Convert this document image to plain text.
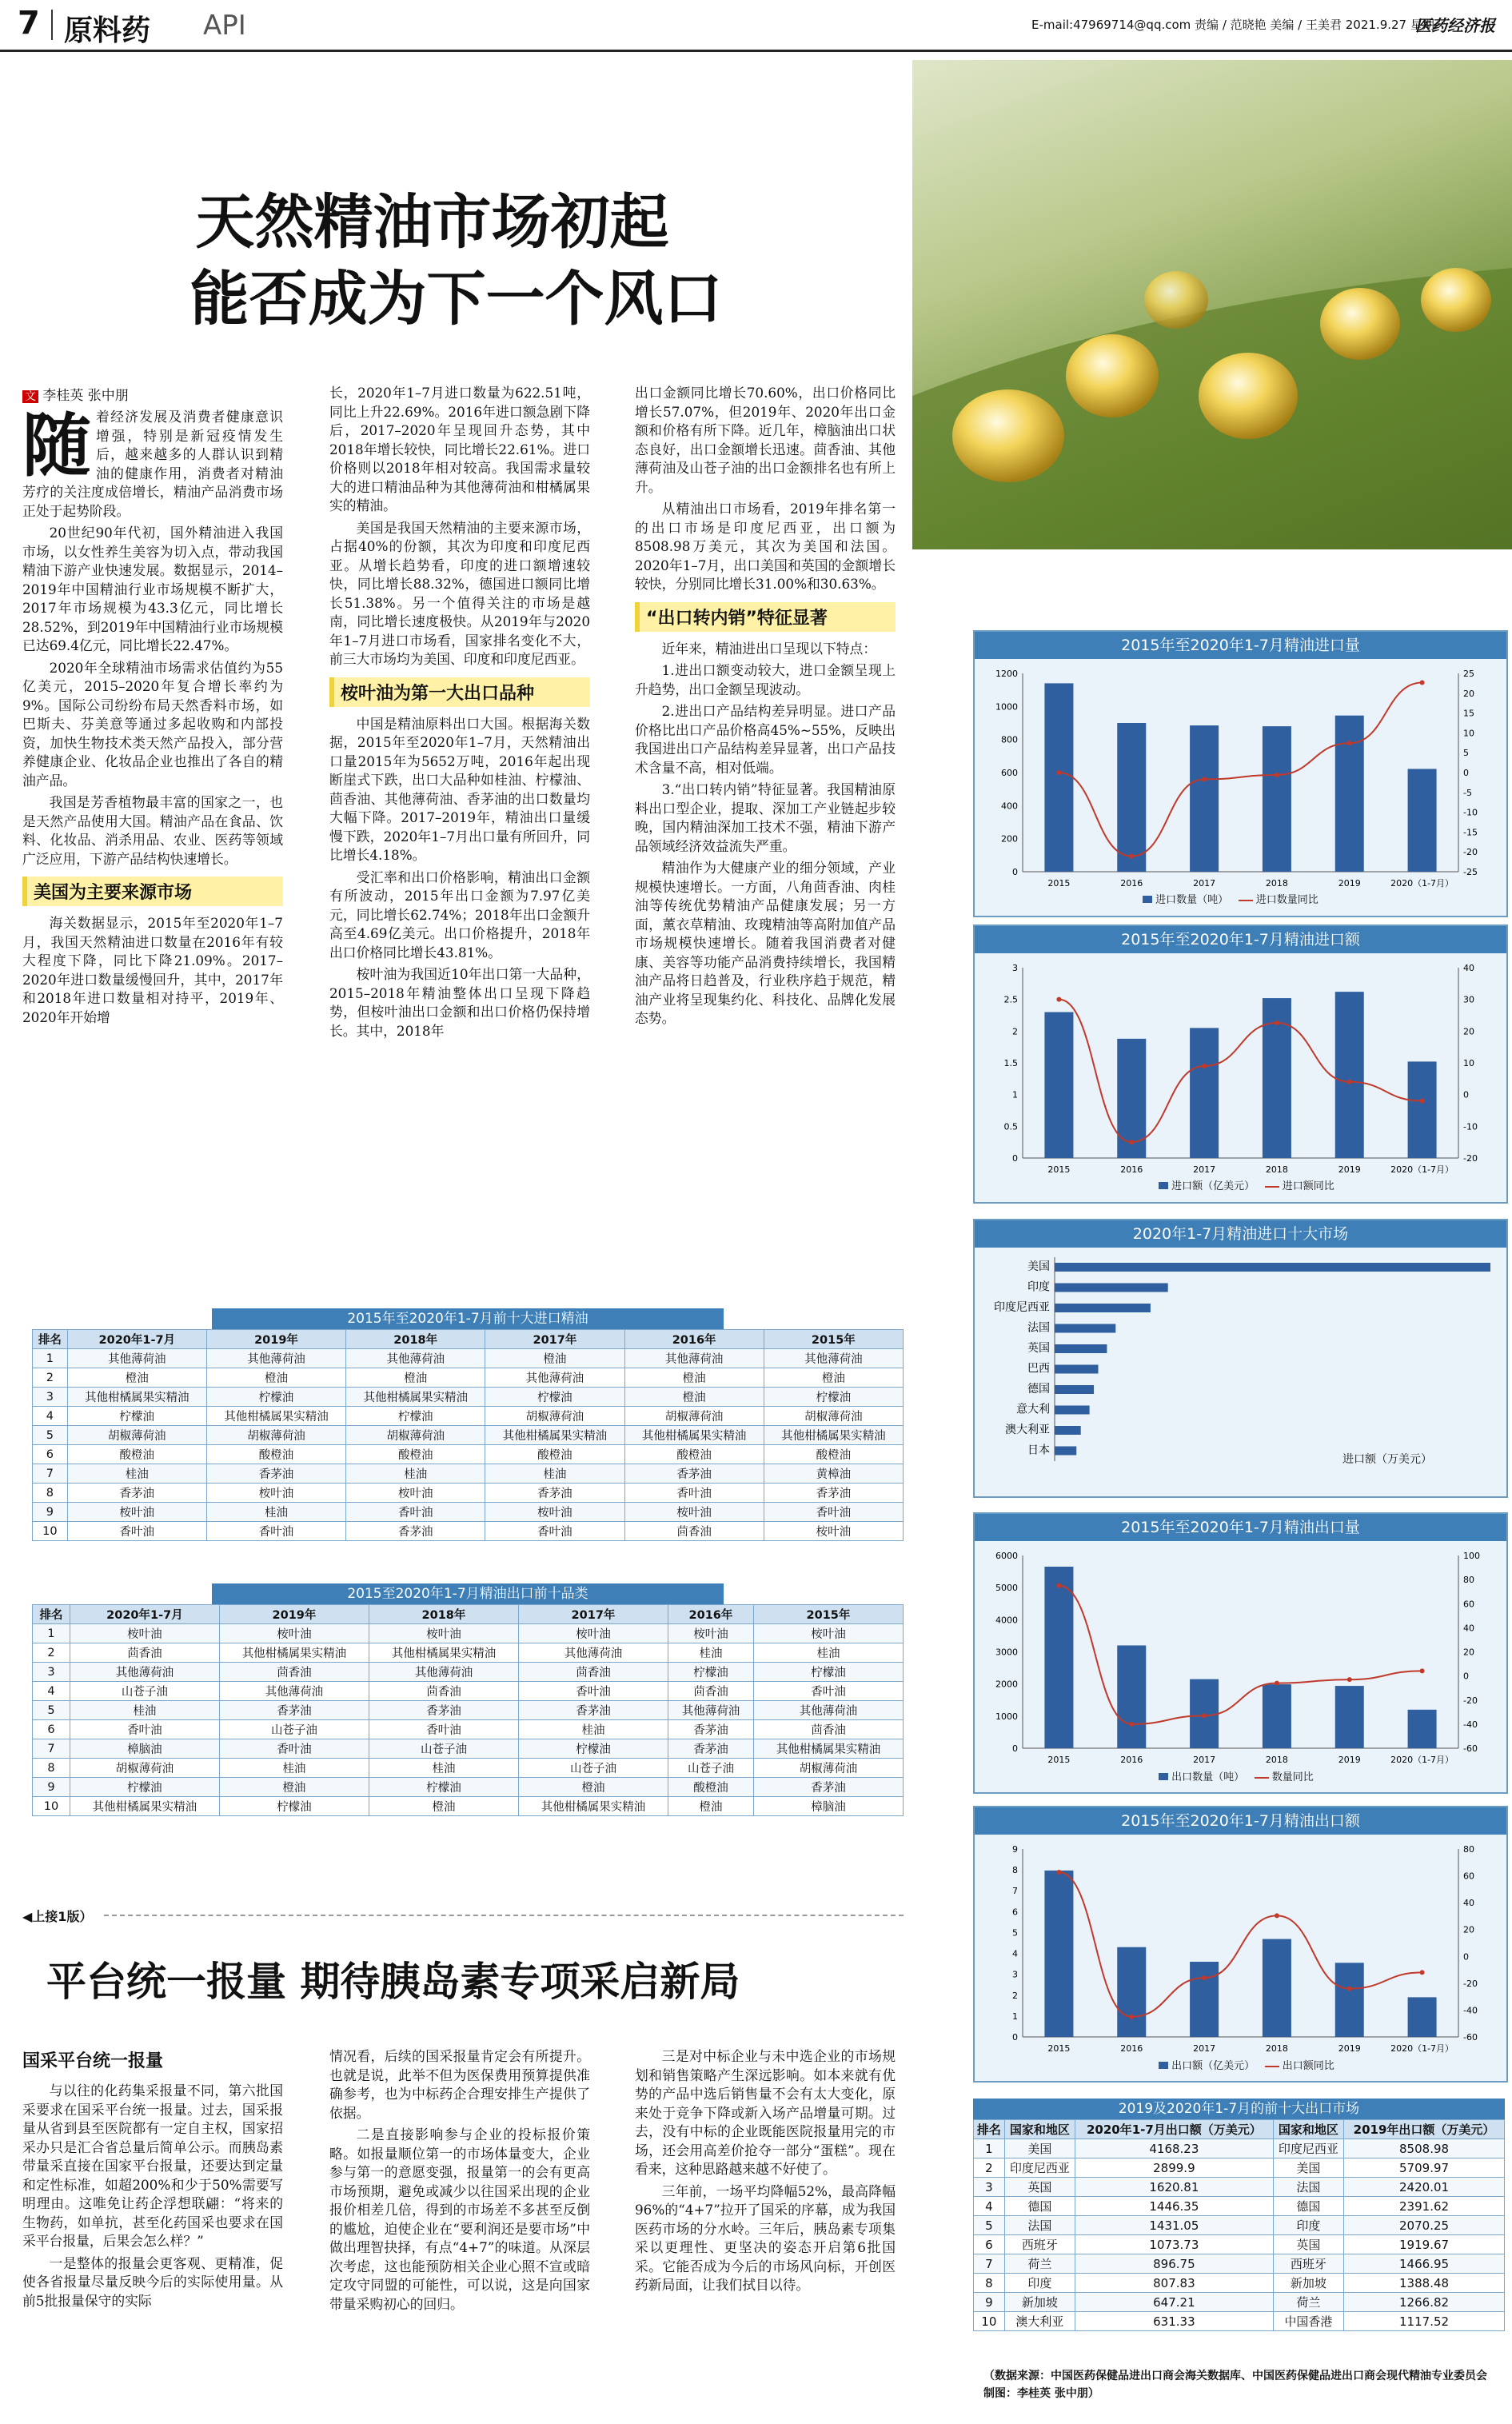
7 原料药 API	E-mail:47969714@qq.com 责编 / 范晓艳 美编 / 王美君 2021.9.27 星期一
医药经济报
天然精油市场初起
能否成为下一个风口
文 李桂英 张中朋
随 着经济发展及消费者健康意识增强，特别是新冠疫情发生后，越来越多的人群认识到精油的健康作用，消费者对精油芳疗的关注度成倍增长，精油产品消费市场正处于起势阶段。

20世纪90年代初，国外精油进入我国市场，以女性养生美容为切入点，带动我国精油下游产业快速发展。数据显示，2014–2019年中国精油行业市场规模不断扩大，2017年市场规模为43.3亿元，同比增长28.52%，到2019年中国精油行业市场规模已达69.4亿元，同比增长22.47%。

2020年全球精油市场需求估值约为55亿美元，2015–2020年复合增长率约为9%。国际公司纷纷布局天然香料市场，如巴斯夫、芬美意等通过多起收购和内部投资，加快生物技术类天然产品投入，部分营养健康企业、化妆品企业也推出了各自的精油产品。

我国是芳香植物最丰富的国家之一，也是天然产品使用大国。精油产品在食品、饮料、化妆品、消杀用品、农业、医药等领域广泛应用，下游产品结构快速增长。

美国为主要来源市场

海关数据显示，2015年至2020年1–7月，我国天然精油进口数量在2016年有较大程度下降，同比下降21.09%。2017–2020年进口数量缓慢回升，其中，2017年和2018年进口数量相对持平，2019年、2020年开始增

长，2020年1–7月进口数量为622.51吨，同比上升22.69%。2016年进口额急剧下降后，2017–2020年呈现回升态势，其中2018年增长较快，同比增长22.61%。进口价格则以2018年相对较高。我国需求量较大的进口精油品种为其他薄荷油和柑橘属果实的精油。

美国是我国天然精油的主要来源市场，占据40%的份额，其次为印度和印度尼西亚。从增长趋势看，印度的进口额增速较快，同比增长88.32%，德国进口额同比增长51.38%。另一个值得关注的市场是越南，同比增长速度极快。从2019年与2020年1–7月进口市场看，国家排名变化不大，前三大市场均为美国、印度和印度尼西亚。

桉叶油为第一大出口品种

中国是精油原料出口大国。根据海关数据，2015年至2020年1–7月，天然精油出口量2015年为5652万吨，2016年起出现断崖式下跌，出口大品种如桂油、柠檬油、茴香油、其他薄荷油、香茅油的出口数量均大幅下降。2017–2019年，精油出口量缓慢下跌，2020年1–7月出口量有所回升，同比增长4.18%。

受汇率和出口价格影响，精油出口金额有所波动，2015年出口金额为7.97亿美元，同比增长62.74%；2018年出口金额升高至4.69亿美元。出口价格提升，2018年出口价格同比增长43.81%。

桉叶油为我国近10年出口第一大品种，2015–2018年精油整体出口呈现下降趋势，但桉叶油出口金额和出口价格仍保持增长。其中，2018年

出口金额同比增长70.60%，出口价格同比增长57.07%，但2019年、2020年出口金额和价格有所下降。近几年，樟脑油出口状态良好，出口金额增长迅速。茴香油、其他薄荷油及山苍子油的出口金额排名也有所上升。

从精油出口市场看，2019年排名第一的出口市场是印度尼西亚，出口额为8508.98万美元，其次为美国和法国。2020年1–7月，出口美国和英国的金额增长较快，分别同比增长31.00%和30.63%。

“出口转内销”特征显著

近年来，精油进出口呈现以下特点：

1.进出口额变动较大，进口金额呈现上升趋势，出口金额呈现波动。

2.进出口产品结构差异明显。进口产品价格比出口产品价格高45%~55%，反映出我国进出口产品结构差异显著，出口产品技术含量不高，相对低端。

3.“出口转内销”特征显著。我国精油原料出口型企业，提取、深加工产业链起步较晚，国内精油深加工技术不强，精油下游产品领域经济效益流失严重。

精油作为大健康产业的细分领域，产业规模快速增长。一方面，八角茴香油、肉桂油等传统优势精油产品健康发展；另一方面，薰衣草精油、玫瑰精油等高附加值产品市场规模快速增长。随着我国消费者对健康、美容等功能产品消费持续增长，我国精油产品将日趋普及，行业秩序趋于规范，精油产业将呈现集约化、科技化、品牌化发展态势。

2015年至2020年1-7月前十大进口精油
排名	2020年1-7月	2019年	2018年	2017年	2016年	2015年
1	其他薄荷油	其他薄荷油	其他薄荷油	橙油	其他薄荷油	其他薄荷油
2	橙油	橙油	橙油	其他薄荷油	橙油	橙油
3	其他柑橘属果实精油	柠檬油	其他柑橘属果实精油	柠檬油	橙油	柠檬油
4	柠檬油	其他柑橘属果实精油	柠檬油	胡椒薄荷油	胡椒薄荷油	胡椒薄荷油
5	胡椒薄荷油	胡椒薄荷油	胡椒薄荷油	其他柑橘属果实精油	其他柑橘属果实精油	其他柑橘属果实精油
6	酸橙油	酸橙油	酸橙油	酸橙油	酸橙油	酸橙油
7	桂油	香茅油	桂油	桂油	香茅油	黄樟油
8	香茅油	桉叶油	桉叶油	香茅油	香叶油	香茅油
9	桉叶油	桂油	香叶油	桉叶油	桉叶油	香叶油
10	香叶油	香叶油	香茅油	香叶油	茴香油	桉叶油
2015至2020年1-7月精油出口前十品类
排名	2020年1-7月	2019年	2018年	2017年	2016年	2015年
1	桉叶油	桉叶油	桉叶油	桉叶油	桉叶油	桉叶油
2	茴香油	其他柑橘属果实精油	其他柑橘属果实精油	其他薄荷油	桂油	桂油
3	其他薄荷油	茴香油	其他薄荷油	茴香油	柠檬油	柠檬油
4	山苍子油	其他薄荷油	茴香油	香叶油	茴香油	香叶油
5	桂油	香茅油	香茅油	香茅油	其他薄荷油	其他薄荷油
6	香叶油	山苍子油	香叶油	桂油	香茅油	茴香油
7	樟脑油	香叶油	山苍子油	柠檬油	香茅油	其他柑橘属果实精油
8	胡椒薄荷油	桂油	桂油	山苍子油	山苍子油	胡椒薄荷油
9	柠檬油	橙油	柠檬油	橙油	酸橙油	香茅油
10	其他柑橘属果实精油	柠檬油	橙油	其他柑橘属果实精油	橙油	樟脑油
2015年至2020年1-7月精油进口量
0
200
400
600
800
1000
1200
-25
-20
-15
-10
-5
0
5
10
15
20
25
2015	2016	2017	2018	2019	2020（1-7月）
进口数量（吨）	进口数量同比
2015年至2020年1-7月精油进口额
0
0.5
1
1.5
2
2.5
3
-20
-10
0
10
20
30
40
2015	2016	2017	2018	2019	2020（1-7月）
进口额（亿美元）	进口额同比
2020年1-7月精油进口十大市场
美国
印度
印度尼西亚
法国
英国
巴西
德国
意大利
澳大利亚
日本
进口额（万美元）
2015年至2020年1-7月精油出口量
0
1000
2000
3000
4000
5000
6000
-60
-40
-20
0
20
40
60
80
100
2015	2016	2017	2018	2019	2020（1-7月）
出口数量（吨）	数量同比
2015年至2020年1-7月精油出口额
0
1
2
3
4
5
6
7
8
9
-60
-40
-20
0
20
40
60
80
2015	2016	2017	2018	2019	2020（1-7月）
出口额（亿美元）	出口额同比
2019及2020年1-7月的前十大出口市场
排名	国家和地区	2020年1-7月出口额（万美元）	国家和地区	2019年出口额（万美元）
1	美国	4168.23	印度尼西亚	8508.98
2	印度尼西亚	2899.9	美国	5709.97
3	英国	1620.81	法国	2420.01
4	德国	1446.35	德国	2391.62
5	法国	1431.05	印度	2070.25
6	西班牙	1073.73	英国	1919.67
7	荷兰	896.75	西班牙	1466.95
8	印度	807.83	新加坡	1388.48
9	新加坡	647.21	荷兰	1266.82
10	澳大利亚	631.33	中国香港	1117.52
（数据来源：中国医药保健品进出口商会海关数据库、中国医药保健品进出口商会现代精油专业委员会 制图：李桂英 张中朋）
◀上接1版）
平台统一报量 期待胰岛素专项采启新局
国采平台统一报量

与以往的化药集采报量不同，第六批国采要求在国采平台统一报量。过去，国采报量从省到县至医院都有一定自主权，国家招采办只是汇合省总量后简单公示。而胰岛素带量采直接在国家平台报量，还要达到定量和定性标准，如超200%和少于50%需要写明理由。这唯免让药企浮想联翩：“将来的生物药，如单抗，甚至化药国采也要求在国采平台报量，后果会怎么样？”

一是整体的报量会更客观、更精准，促使各省报量尽量反映今后的实际使用量。从前5批报量保守的实际

情况看，后续的国采报量肯定会有所提升。也就是说，此举不但为医保费用预算提供准确参考，也为中标药企合理安排生产提供了依据。

二是直接影响参与企业的投标报价策略。如报量顺位第一的市场体量变大，企业参与第一的意愿变强，报量第一的会有更高市场预期，避免或减少以往国采出现的企业报价相差几倍，得到的市场差不多甚至反倒的尴尬，迫使企业在“要利润还是要市场”中做出理智抉择，有点“4+7”的味道。从深层次考虑，这也能预防相关企业心照不宣或暗定攻守同盟的可能性，可以说，这是向国家带量采购初心的回归。

三是对中标企业与未中选企业的市场规划和销售策略产生深远影响。如本来就有优势的产品中选后销售量不会有太大变化，原来处于竞争下降或新入场产品增量可期。过去，没有中标的企业既能医院报量用完的市场，还会用高差价抢夺一部分“蛋糕”。现在看来，这种思路越来越不好使了。

三年前，一场平均降幅52%，最高降幅96%的“4+7”拉开了国采的序幕，成为我国医药市场的分水岭。三年后，胰岛素专项集采以更理性、更坚决的姿态开启第6批国采。它能否成为今后的市场风向标，开创医药新局面，让我们拭目以待。
